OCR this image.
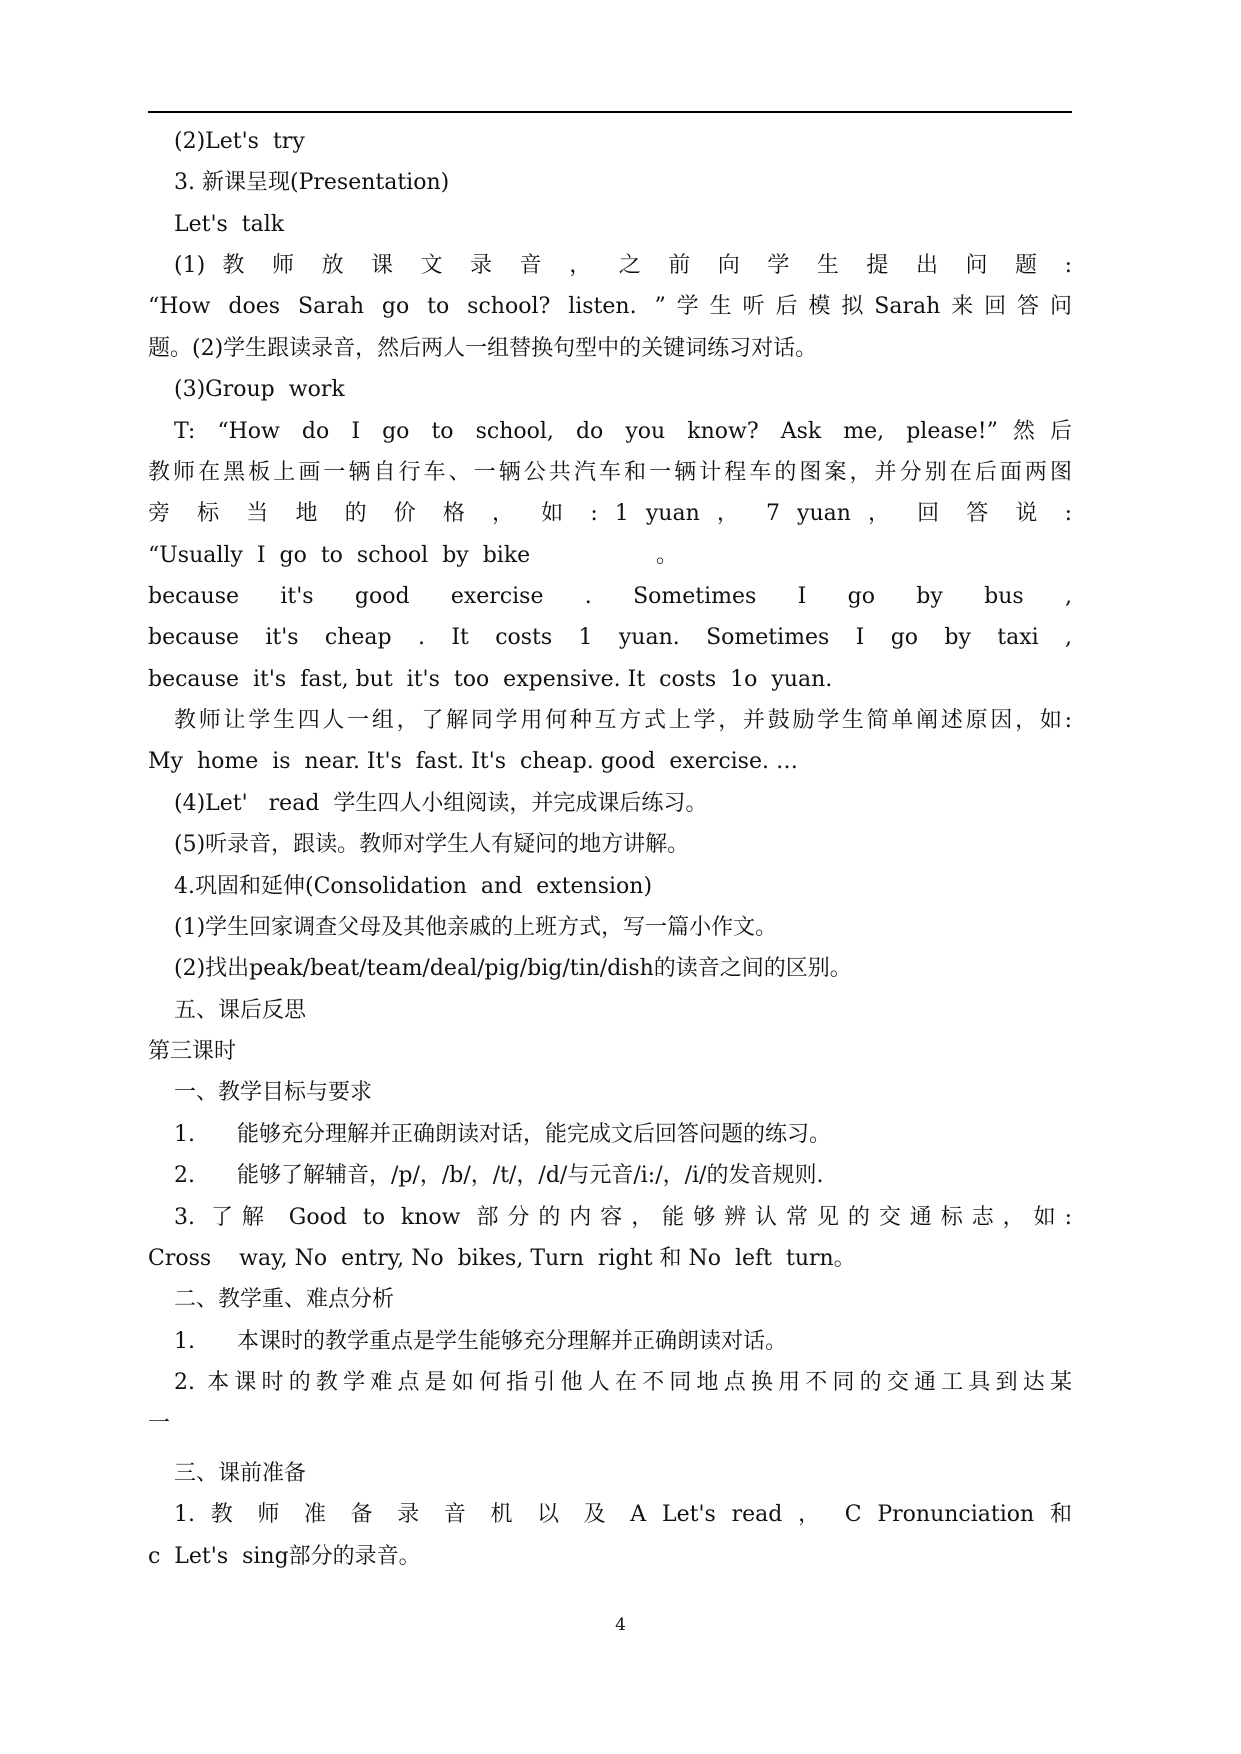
(2)Let's  try
3. 新课呈现(Presentation)
Let's  talk
(1) 教 师 放 课 文 录 音 ， 之 前 向 学 生 提 出 问 题 :
“How does Sarah go to school? listen. ”学生听后模拟Sarah来回答问
题。(2)学生跟读录音，然后两人一组替换句型中的关键词练习对话。
(3)Group  work
T: “How do I go to school, do you know? Ask me, please!”然后
教师在黑板上画一辆自行车、一辆公共汽车和一辆计程车的图案，并分别在后面两图
旁 标 当 地 的 价 格 ， 如 : 1 yuan ， 7 yuan ， 回 答 说 :
“Usually  I  go  to  school  by  bike                  。
because it's good exercise . Sometimes I go by bus ,
because it's cheap . It costs 1 yuan. Sometimes I go by taxi ,
because  it's  fast, but  it's  too  expensive. It  costs  1o  yuan.
教师让学生四人一组，了解同学用何种互方式上学，并鼓励学生简单阐述原因，如:
My  home  is  near. It's  fast. It's  cheap. good  exercise. …
(4)Let'   read  学生四人小组阅读，并完成课后练习。
(5)听录音，跟读。教师对学生人有疑问的地方讲解。
4.巩固和延伸(Consolidation  and  extension)
(1)学生回家调查父母及其他亲戚的上班方式，写一篇小作文。
(2)找出peak/beat/team/deal/pig/big/tin/dish的读音之间的区别。
五、课后反思
第三课时
一、教学目标与要求
1.      能够充分理解并正确朗读对话，能完成文后回答问题的练习。
2.      能够了解辅音，/p/，/b/，/t/，/d/与元音/i:/，/i/的发音规则.
3. 了解 Good to know 部分的内容，能够辨认常见的交通标志，如:
Cross    way, No  entry, No  bikes, Turn  right 和 No  left  turn。
二、教学重、难点分析
1.      本课时的教学重点是学生能够充分理解并正确朗读对话。
2. 本课时的教学难点是如何指引他人在不同地点换用不同的交通工具到达某
一
三、课前准备
1. 教 师 准 备 录 音 机 以 及 A Let's read ， C Pronunciation 和
c  Let's  sing部分的录音。
4
